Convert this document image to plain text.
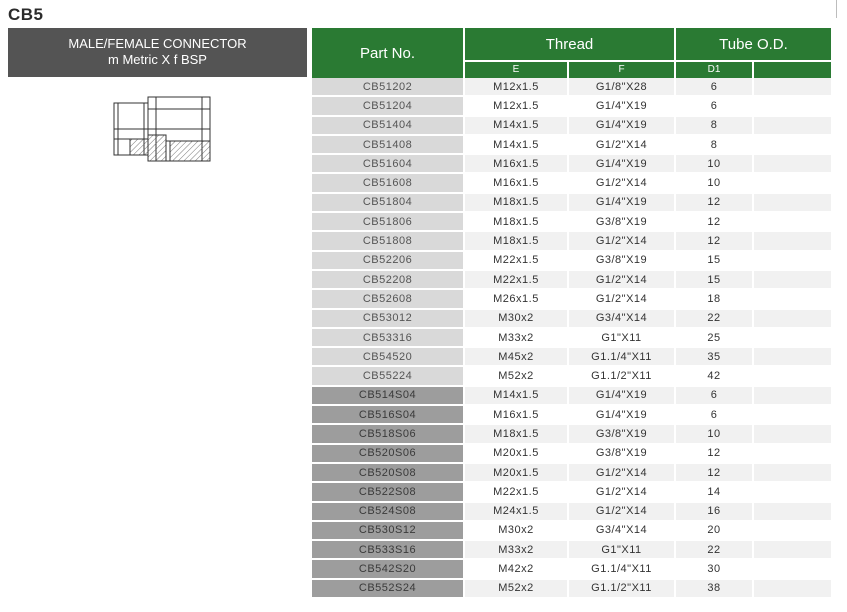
CB5
MALE/FEMALE CONNECTOR
m Metric X f BSP	Part No.	Thread		Tube O.D.	
	E	F	D1	
CB51202	M12x1.5	G1/8"X28	6	
CB51204	M12x1.5	G1/4"X19	6	
CB51404	M14x1.5	G1/4"X19	8	
CB51408	M14x1.5	G1/2"X14	8	
CB51604	M16x1.5	G1/4"X19	10	
CB51608	M16x1.5	G1/2"X14	10	
CB51804	M18x1.5	G1/4"X19	12	
CB51806	M18x1.5	G3/8"X19	12	
CB51808	M18x1.5	G1/2"X14	12	
CB52206	M22x1.5	G3/8"X19	15	
CB52208	M22x1.5	G1/2"X14	15	
CB52608	M26x1.5	G1/2"X14	18	
CB53012	M30x2	G3/4"X14	22	
CB53316	M33x2	G1"X11	25	
CB54520	M45x2	G1.1/4"X11	35	
CB55224	M52x2	G1.1/2"X11	42	
CB514S04	M14x1.5	G1/4"X19	6	
CB516S04	M16x1.5	G1/4"X19	6	
CB518S06	M18x1.5	G3/8"X19	10	
CB520S06	M20x1.5	G3/8"X19	12	
CB520S08	M20x1.5	G1/2"X14	12	
CB522S08	M22x1.5	G1/2"X14	14	
CB524S08	M24x1.5	G1/2"X14	16	
CB530S12	M30x2	G3/4"X14	20	
CB533S16	M33x2	G1"X11	22	
CB542S20	M42x2	G1.1/4"X11	30	
CB552S24	M52x2	G1.1/2"X11	38	
